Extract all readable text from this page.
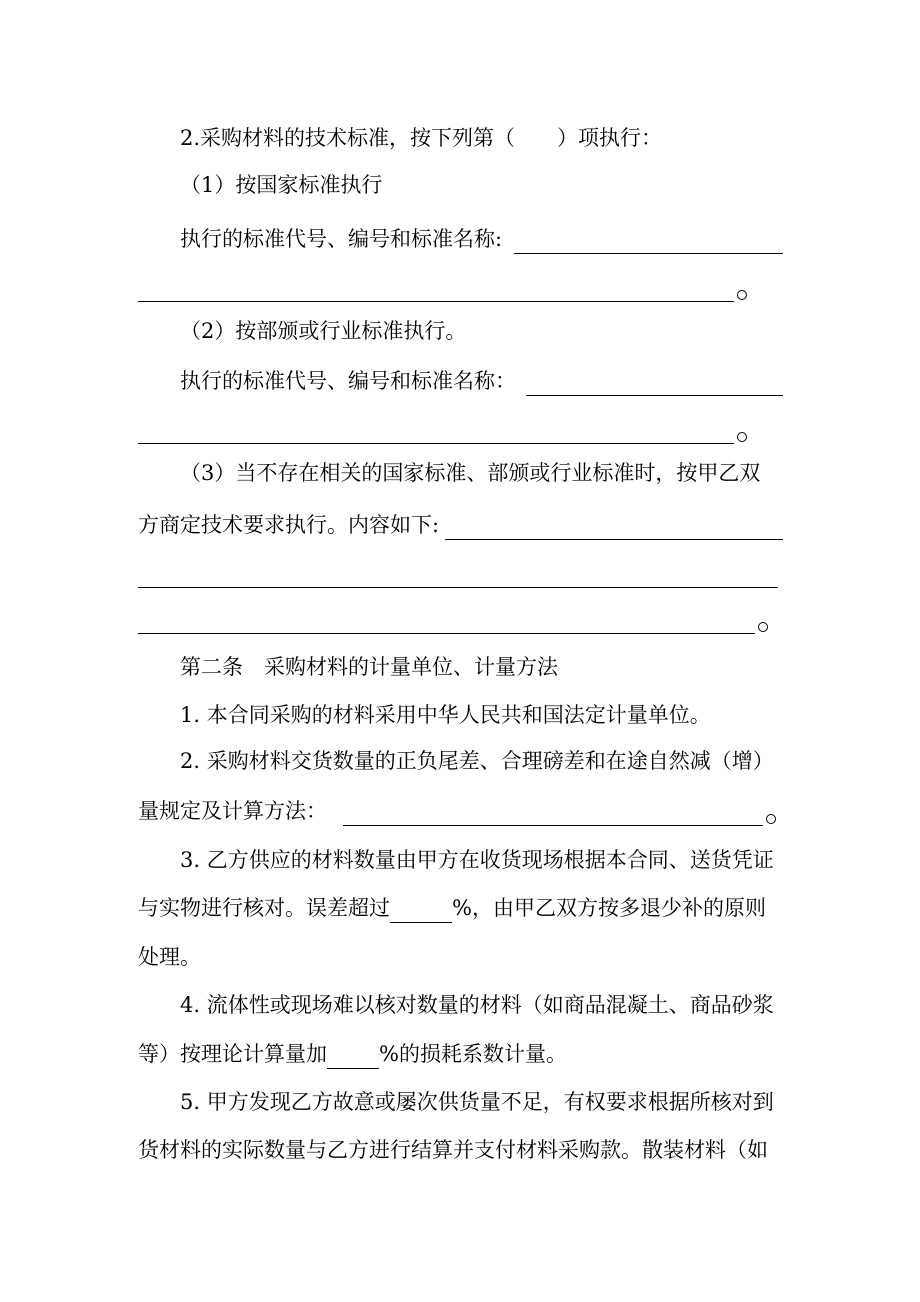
2.采购材料的技术标准，按下列第（　　）项执行：
（1）按国家标准执行
执行的标准代号、编号和标准名称:
（2）按部颁或行业标准执行。
执行的标准代号、编号和标准名称：
（3）当不存在相关的国家标准、部颁或行业标准时，按甲乙双
方商定技术要求执行。内容如下:
第二条　采购材料的计量单位、计量方法
1. 本合同采购的材料采用中华人民共和国法定计量单位。
2. 采购材料交货数量的正负尾差、合理磅差和在途自然减（增）
量规定及计算方法：
3. 乙方供应的材料数量由甲方在收货现场根据本合同、送货凭证
与实物进行核对。误差超过	%，由甲乙双方按多退少补的原则
处理。
4. 流体性或现场难以核对数量的材料（如商品混凝土、商品砂浆
等）按理论计算量加 %的损耗系数计量。
5. 甲方发现乙方故意或屡次供货量不足，有权要求根据所核对到
货材料的实际数量与乙方进行结算并支付材料采购款。散装材料（如
